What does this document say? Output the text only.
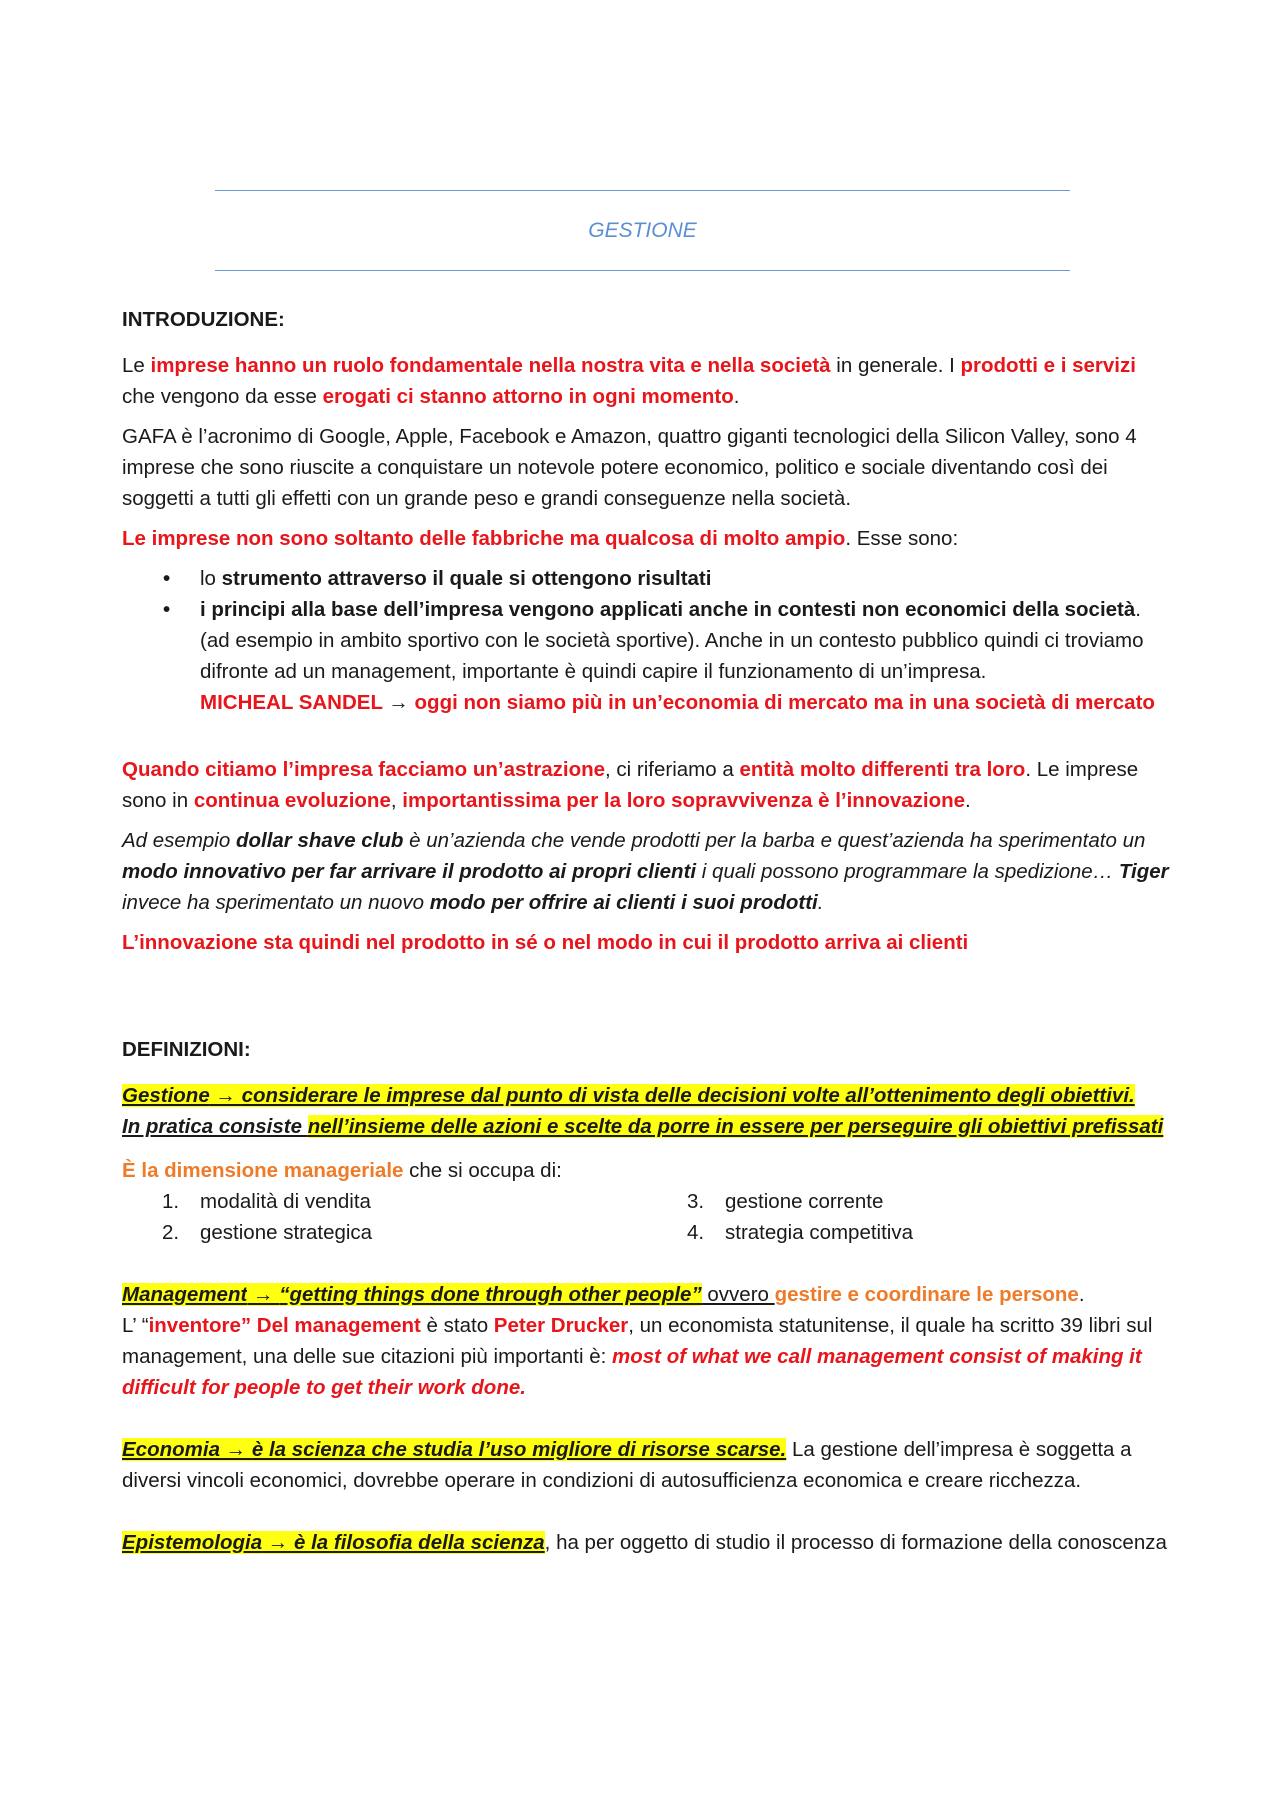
GESTIONE

INTRODUZIONE:

Le imprese hanno un ruolo fondamentale nella nostra vita e nella società in generale. I prodotti e i servizi che vengono da esse erogati ci stanno attorno in ogni momento.

GAFA è l’acronimo di Google, Apple, Facebook e Amazon, quattro giganti tecnologici della Silicon Valley, sono 4 imprese che sono riuscite a conquistare un notevole potere economico, politico e sociale diventando così dei soggetti a tutti gli effetti con un grande peso e grandi conseguenze nella società.

Le imprese non sono soltanto delle fabbriche ma qualcosa di molto ampio. Esse sono:

• lo strumento attraverso il quale si ottengono risultati
• i principi alla base dell’impresa vengono applicati anche in contesti non economici della società. (ad esempio in ambito sportivo con le società sportive). Anche in un contesto pubblico quindi ci troviamo difronte ad un management, importante è quindi capire il funzionamento di un’impresa.
MICHEAL SANDEL → oggi non siamo più in un’economia di mercato ma in una società di mercato

Quando citiamo l’impresa facciamo un’astrazione, ci riferiamo a entità molto differenti tra loro. Le imprese sono in continua evoluzione, importantissima per la loro sopravvivenza è l’innovazione.

Ad esempio dollar shave club è un’azienda che vende prodotti per la barba e quest’azienda ha sperimentato un modo innovativo per far arrivare il prodotto ai propri clienti i quali possono programmare la spedizione… Tiger invece ha sperimentato un nuovo modo per offrire ai clienti i suoi prodotti.

L’innovazione sta quindi nel prodotto in sé o nel modo in cui il prodotto arriva ai clienti

DEFINIZIONI:

Gestione → considerare le imprese dal punto di vista delle decisioni volte all’ottenimento degli obiettivi.
In pratica consiste nell’insieme delle azioni e scelte da porre in essere per perseguire gli obiettivi prefissati

È la dimensione manageriale che si occupa di:

1. modalità di vendita
2. gestione strategica
3. gestione corrente
4. strategia competitiva

Management → “getting things done through other people” ovvero gestire e coordinare le persone.
L’ “inventore” Del management è stato Peter Drucker, un economista statunitense, il quale ha scritto 39 libri sul management, una delle sue citazioni più importanti è: most of what we call management consist of making it difficult for people to get their work done.

Economia → è la scienza che studia l’uso migliore di risorse scarse. La gestione dell’impresa è soggetta a diversi vincoli economici, dovrebbe operare in condizioni di autosufficienza economica e creare ricchezza.

Epistemologia → è la filosofia della scienza, ha per oggetto di studio il processo di formazione della conoscenza
